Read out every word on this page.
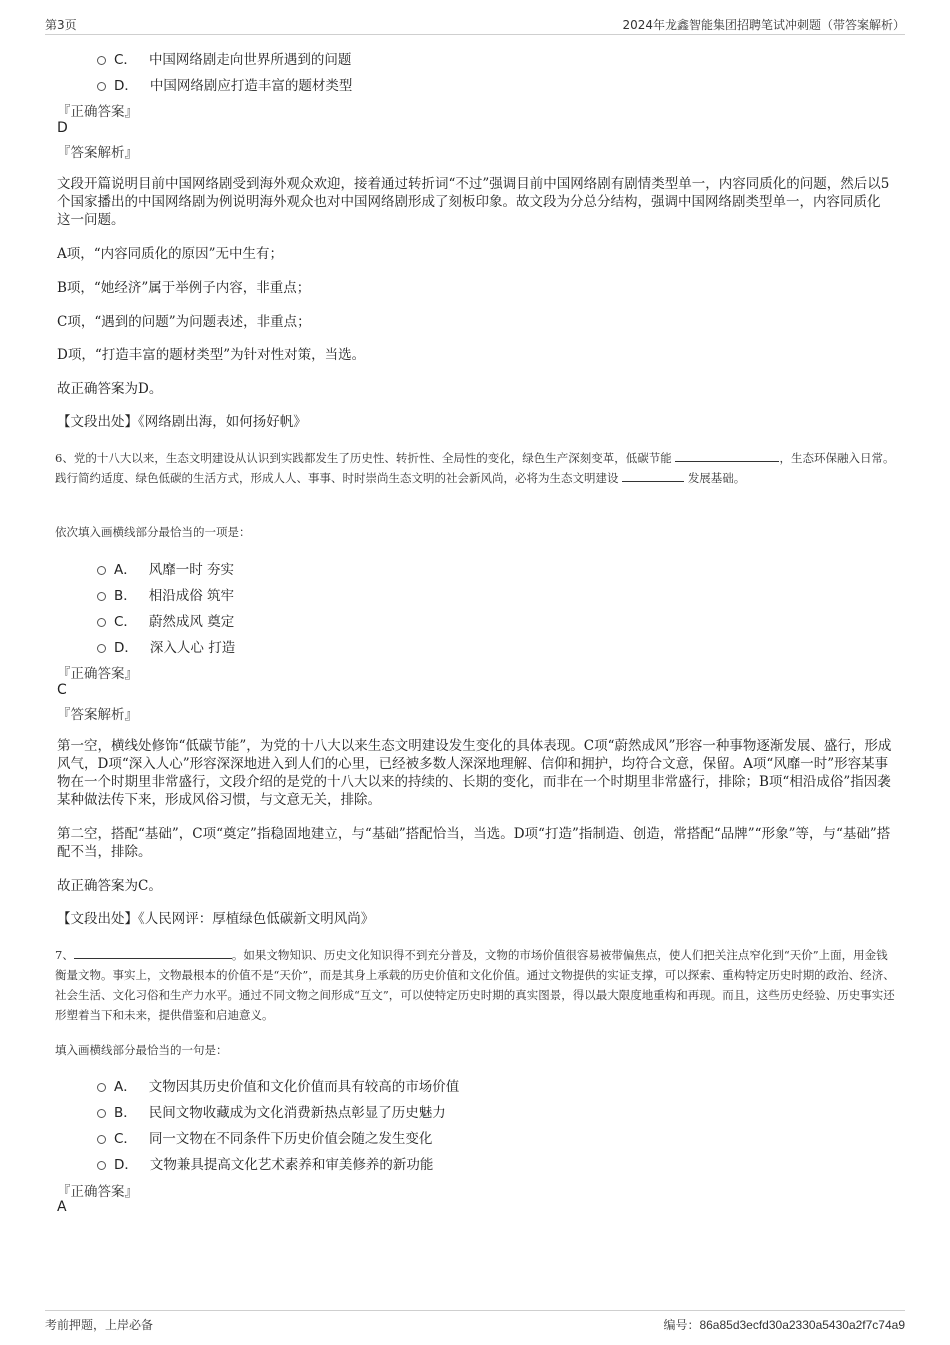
第3页	2024年龙鑫智能集团招聘笔试冲刺题（带答案解析）
C． 中国网络剧走向世界所遇到的问题
D． 中国网络剧应打造丰富的题材类型
『正确答案』
D
『答案解析』
文段开篇说明目前中国网络剧受到海外观众欢迎，接着通过转折词“不过”强调目前中国网络剧有剧情类型单一，内容同质化的问题，然后以5个国家播出的中国网络剧为例说明海外观众也对中国网络剧形成了刻板印象。故文段为分总分结构，强调中国网络剧类型单一，内容同质化这一问题。
A项，“内容同质化的原因”无中生有；
B项，“她经济”属于举例子内容，非重点；
C项，“遇到的问题”为问题表述，非重点；
D项，“打造丰富的题材类型”为针对性对策，当选。
故正确答案为D。
【文段出处】《网络剧出海，如何扬好帆》
6、党的十八大以来，生态文明建设从认识到实践都发生了历史性、转折性、全局性的变化，绿色生产深刻变革，低碳节能	，生态环保融入日常。践行简约适度、绿色低碳的生活方式，形成人人、事事、时时崇尚生态文明的社会新风尚，必将为生态文明建设	发展基础。
依次填入画横线部分最恰当的一项是：
A． 风靡一时 夯实
B． 相沿成俗 筑牢
C． 蔚然成风 奠定
D． 深入人心 打造
『正确答案』
C
『答案解析』
第一空，横线处修饰“低碳节能”，为党的十八大以来生态文明建设发生变化的具体表现。C项“蔚然成风”形容一种事物逐渐发展、盛行，形成风气，D项“深入人心”形容深深地进入到人们的心里，已经被多数人深深地理解、信仰和拥护，均符合文意，保留。A项“风靡一时”形容某事物在一个时期里非常盛行，文段介绍的是党的十八大以来的持续的、长期的变化，而非在一个时期里非常盛行，排除；B项“相沿成俗”指因袭某种做法传下来，形成风俗习惯，与文意无关，排除。
第二空，搭配“基础”，C项“奠定”指稳固地建立，与“基础”搭配恰当，当选。D项“打造”指制造、创造，常搭配“品牌”“形象”等，与“基础”搭配不当，排除。
故正确答案为C。
【文段出处】《人民网评：厚植绿色低碳新文明风尚》
7、	。如果文物知识、历史文化知识得不到充分普及，文物的市场价值很容易被带偏焦点，使人们把关注点窄化到“天价”上面，用金钱衡量文物。事实上，文物最根本的价值不是“天价”，而是其身上承载的历史价值和文化价值。通过文物提供的实证支撑，可以探索、重构特定历史时期的政治、经济、社会生活、文化习俗和生产力水平。通过不同文物之间形成“互文”，可以使特定历史时期的真实图景，得以最大限度地重构和再现。而且，这些历史经验、历史事实还形塑着当下和未来，提供借鉴和启迪意义。
填入画横线部分最恰当的一句是：
A． 文物因其历史价值和文化价值而具有较高的市场价值
B． 民间文物收藏成为文化消费新热点彰显了历史魅力
C． 同一文物在不同条件下历史价值会随之发生变化
D． 文物兼具提高文化艺术素养和审美修养的新功能
『正确答案』
A
考前押题，上岸必备	编号：86a85d3ecfd30a2330a5430a2f7c74a9
